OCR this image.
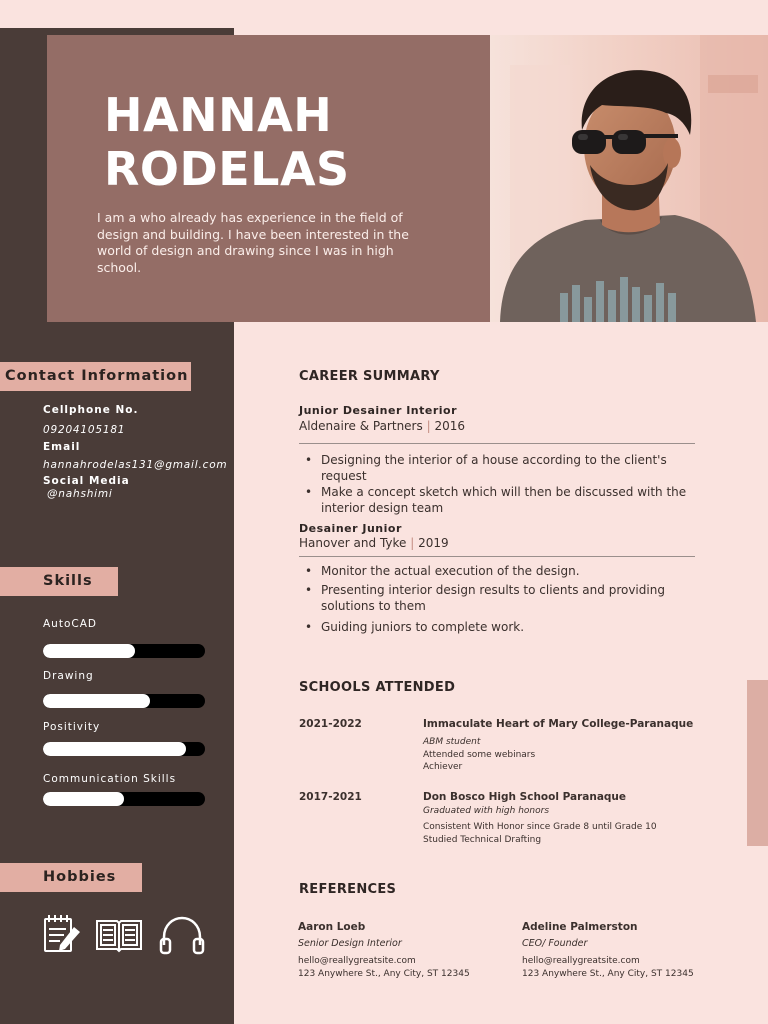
HANNAH
RODELAS

I am a who already has experience in the field of design and building. I have been interested in the world of design and drawing since I was in high school.

Contact Information
Cellphone No.
09204105181
Email
hannahrodelas131@gmail.com
Social Media
@nahshimi
Skills
AutoCAD
Drawing
Positivity
Communication Skills
Hobbies
CAREER SUMMARY
Junior Desainer Interior
Aldenaire & Partners | 2016
• Designing the interior of a house according to the client's request
• Make a concept sketch which will then be discussed with the interior design team
Desainer Junior
Hanover and Tyke | 2019
• Monitor the actual execution of the design.
• Presenting interior design results to clients and providing solutions to them
• Guiding juniors to complete work.
SCHOOLS ATTENDED
2021-2022	Immaculate Heart of Mary College-Paranaque
ABM student
Attended some webinars
Achiever
2017-2021	Don Bosco High School Paranaque
Graduated with high honors
Consistent With Honor since Grade 8 until Grade 10
Studied Technical Drafting
REFERENCES
Aaron Loeb
Senior Design Interior
hello@reallygreatsite.com
123 Anywhere St., Any City, ST 12345
Adeline Palmerston
CEO/ Founder
hello@reallygreatsite.com
123 Anywhere St., Any City, ST 12345
